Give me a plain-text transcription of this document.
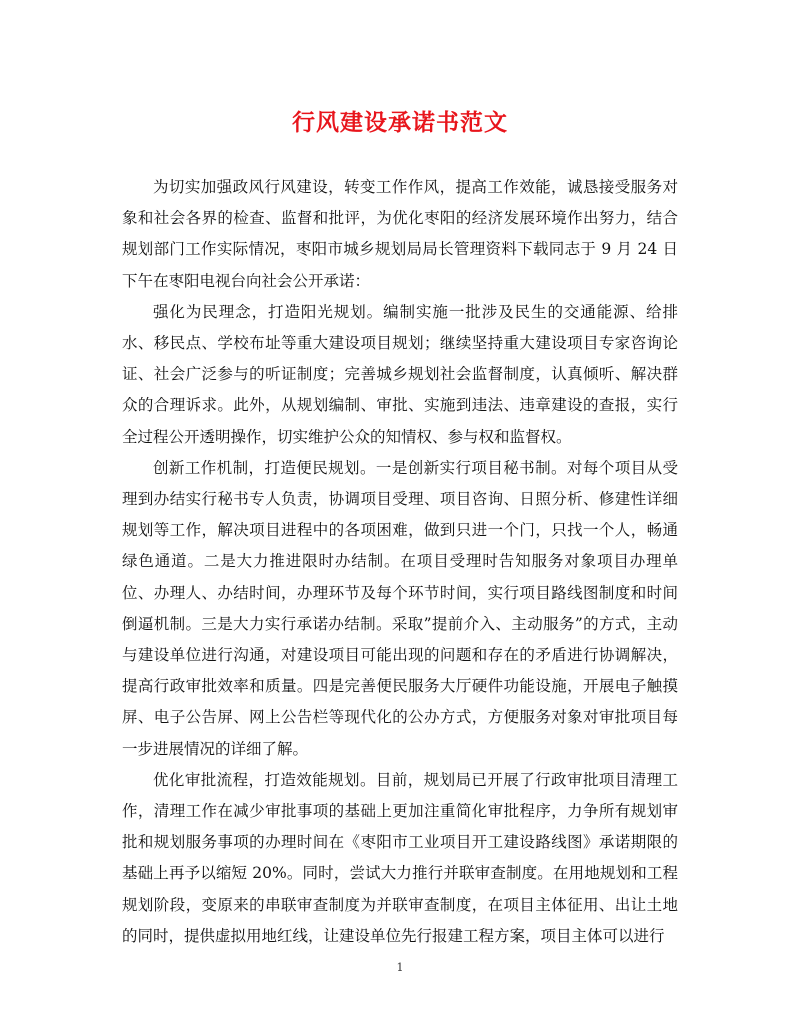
行风建设承诺书范文

为切实加强政风行风建设，转变工作作风，提高工作效能，诚恳接受服务对象和社会各界的检查、监督和批评，为优化枣阳的经济发展环境作出努力，结合规划部门工作实际情况，枣阳市城乡规划局局长管理资料下载同志于 9 月 24 日下午在枣阳电视台向社会公开承诺：

强化为民理念，打造阳光规划。编制实施一批涉及民生的交通能源、给排水、移民点、学校布址等重大建设项目规划；继续坚持重大建设项目专家咨询论证、社会广泛参与的听证制度；完善城乡规划社会监督制度，认真倾听、解决群众的合理诉求。此外，从规划编制、审批、实施到违法、违章建设的查报，实行全过程公开透明操作，切实维护公众的知情权、参与权和监督权。

创新工作机制，打造便民规划。一是创新实行项目秘书制。对每个项目从受理到办结实行秘书专人负责，协调项目受理、项目咨询、日照分析、修建性详细规划等工作，解决项目进程中的各项困难，做到只进一个门，只找一个人，畅通绿色通道。二是大力推进限时办结制。在项目受理时告知服务对象项目办理单位、办理人、办结时间，办理环节及每个环节时间，实行项目路线图制度和时间倒逼机制。三是大力实行承诺办结制。采取”提前介入、主动服务”的方式，主动与建设单位进行沟通，对建设项目可能出现的问题和存在的矛盾进行协调解决，提高行政审批效率和质量。四是完善便民服务大厅硬件功能设施，开展电子触摸屏、电子公告屏、网上公告栏等现代化的公办方式，方便服务对象对审批项目每一步进展情况的详细了解。

优化审批流程，打造效能规划。目前，规划局已开展了行政审批项目清理工作，清理工作在减少审批事项的基础上更加注重简化审批程序，力争所有规划审批和规划服务事项的办理时间在《枣阳市工业项目开工建设路线图》承诺期限的基础上再予以缩短 20%。同时，尝试大力推行并联审查制度。在用地规划和工程规划阶段，变原来的串联审查制度为并联审查制度，在项目主体征用、出让土地的同时，提供虚拟用地红线，让建设单位先行报建工程方案，项目主体可以进行

1
